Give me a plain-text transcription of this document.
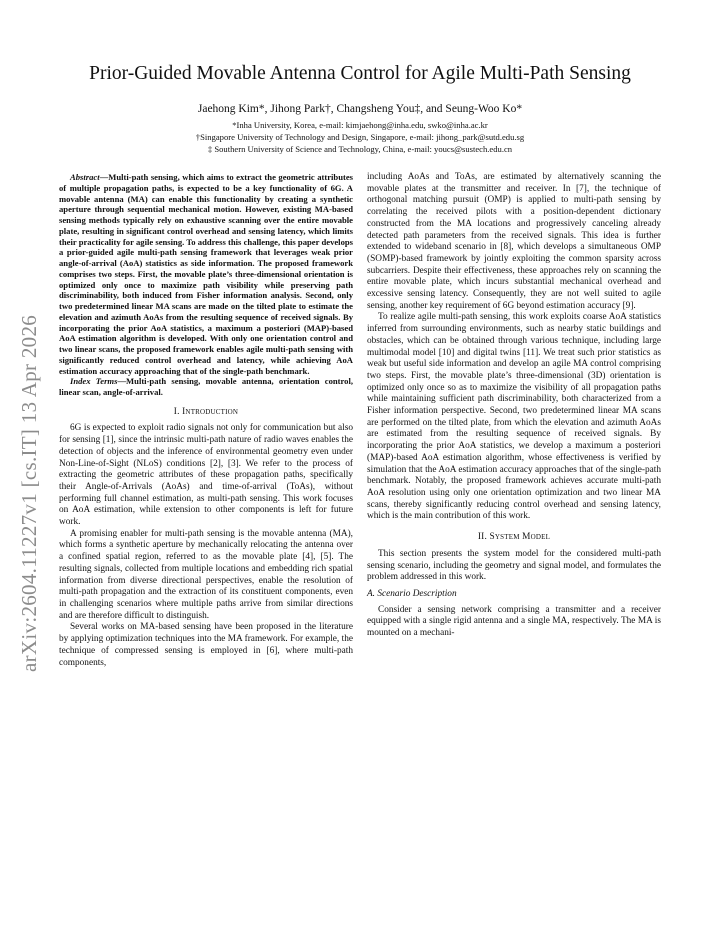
arXiv:2604.11227v1 [cs.IT] 13 Apr 2026
Prior-Guided Movable Antenna Control for Agile Multi-Path Sensing
Jaehong Kim*, Jihong Park†, Changsheng You‡, and Seung-Woo Ko*
*Inha University, Korea, e-mail: kimjaehong@inha.edu, swko@inha.ac.kr
†Singapore University of Technology and Design, Singapore, e-mail: jihong_park@sutd.edu.sg
‡ Southern University of Science and Technology, China, e-mail: youcs@sustech.edu.cn

Abstract—Multi-path sensing, which aims to extract the geometric attributes of multiple propagation paths, is expected to be a key functionality of 6G. A movable antenna (MA) can enable this functionality by creating a synthetic aperture through sequential mechanical motion. However, existing MA-based sensing methods typically rely on exhaustive scanning over the entire movable plate, resulting in significant control overhead and sensing latency, which limits their practicality for agile sensing. To address this challenge, this paper develops a prior-guided agile multi-path sensing framework that leverages weak prior angle-of-arrival (AoA) statistics as side information. The proposed framework comprises two steps. First, the movable plate’s three-dimensional orientation is optimized only once to maximize path visibility while preserving path discriminability, both induced from Fisher information analysis. Second, only two predetermined linear MA scans are made on the tilted plate to estimate the elevation and azimuth AoAs from the resulting sequence of received signals. By incorporating the prior AoA statistics, a maximum a posteriori (MAP)-based AoA estimation algorithm is developed. With only one orientation control and two linear scans, the proposed framework enables agile multi-path sensing with significantly reduced control overhead and latency, while achieving AoA estimation accuracy approaching that of the single-path benchmark.

Index Terms—Multi-path sensing, movable antenna, orientation control, linear scan, angle-of-arrival.

I. Introduction

6G is expected to exploit radio signals not only for communication but also for sensing [1], since the intrinsic multi-path nature of radio waves enables the detection of objects and the inference of environmental geometry even under Non-Line-of-Sight (NLoS) conditions [2], [3]. We refer to the process of extracting the geometric attributes of these propagation paths, specifically their Angle-of-Arrivals (AoAs) and time-of-arrival (ToAs), without performing full channel estimation, as multi-path sensing. This work focuses on AoA estimation, while extension to other components is left for future work.

A promising enabler for multi-path sensing is the movable antenna (MA), which forms a synthetic aperture by mechanically relocating the antenna over a confined spatial region, referred to as the movable plate [4], [5]. The resulting signals, collected from multiple locations and embedding rich spatial information from diverse directional perspectives, enable the resolution of multi-path propagation and the extraction of its constituent components, even in challenging scenarios where multiple paths arrive from similar directions and are therefore difficult to distinguish.

Several works on MA-based sensing have been proposed in the literature by applying optimization techniques into the MA framework. For example, the technique of compressed sensing is employed in [6], where multi-path components,

including AoAs and ToAs, are estimated by alternatively scanning the movable plates at the transmitter and receiver. In [7], the technique of orthogonal matching pursuit (OMP) is applied to multi-path sensing by correlating the received pilots with a position-dependent dictionary constructed from the MA locations and progressively canceling already detected path parameters from the received signals. This idea is further extended to wideband scenario in [8], which develops a simultaneous OMP (SOMP)-based framework by jointly exploiting the common sparsity across subcarriers. Despite their effectiveness, these approaches rely on scanning the entire movable plate, which incurs substantial mechanical overhead and excessive sensing latency. Consequently, they are not well suited to agile sensing, another key requirement of 6G beyond estimation accuracy [9].

To realize agile multi-path sensing, this work exploits coarse AoA statistics inferred from surrounding environments, such as nearby static buildings and obstacles, which can be obtained through various technique, including large multimodal model [10] and digital twins [11]. We treat such prior statistics as weak but useful side information and develop an agile MA control comprising two steps. First, the movable plate’s three-dimensional (3D) orientation is optimized only once so as to maximize the visibility of all propagation paths while maintaining sufficient path discriminability, both characterized from a Fisher information perspective. Second, two predetermined linear MA scans are performed on the tilted plate, from which the elevation and azimuth AoAs are estimated from the resulting sequence of received signals. By incorporating the prior AoA statistics, we develop a maximum a posteriori (MAP)-based AoA estimation algorithm, whose effectiveness is verified by simulation that the AoA estimation accuracy approaches that of the single-path benchmark. Notably, the proposed framework achieves accurate multi-path AoA resolution using only one orientation optimization and two linear MA scans, thereby significantly reducing control overhead and sensing latency, which is the main contribution of this work.

II. System Model

This section presents the system model for the considered multi-path sensing scenario, including the geometry and signal model, and formulates the problem addressed in this work.

A. Scenario Description

Consider a sensing network comprising a transmitter and a receiver equipped with a single rigid antenna and a single MA, respectively. The MA is mounted on a mechani-
